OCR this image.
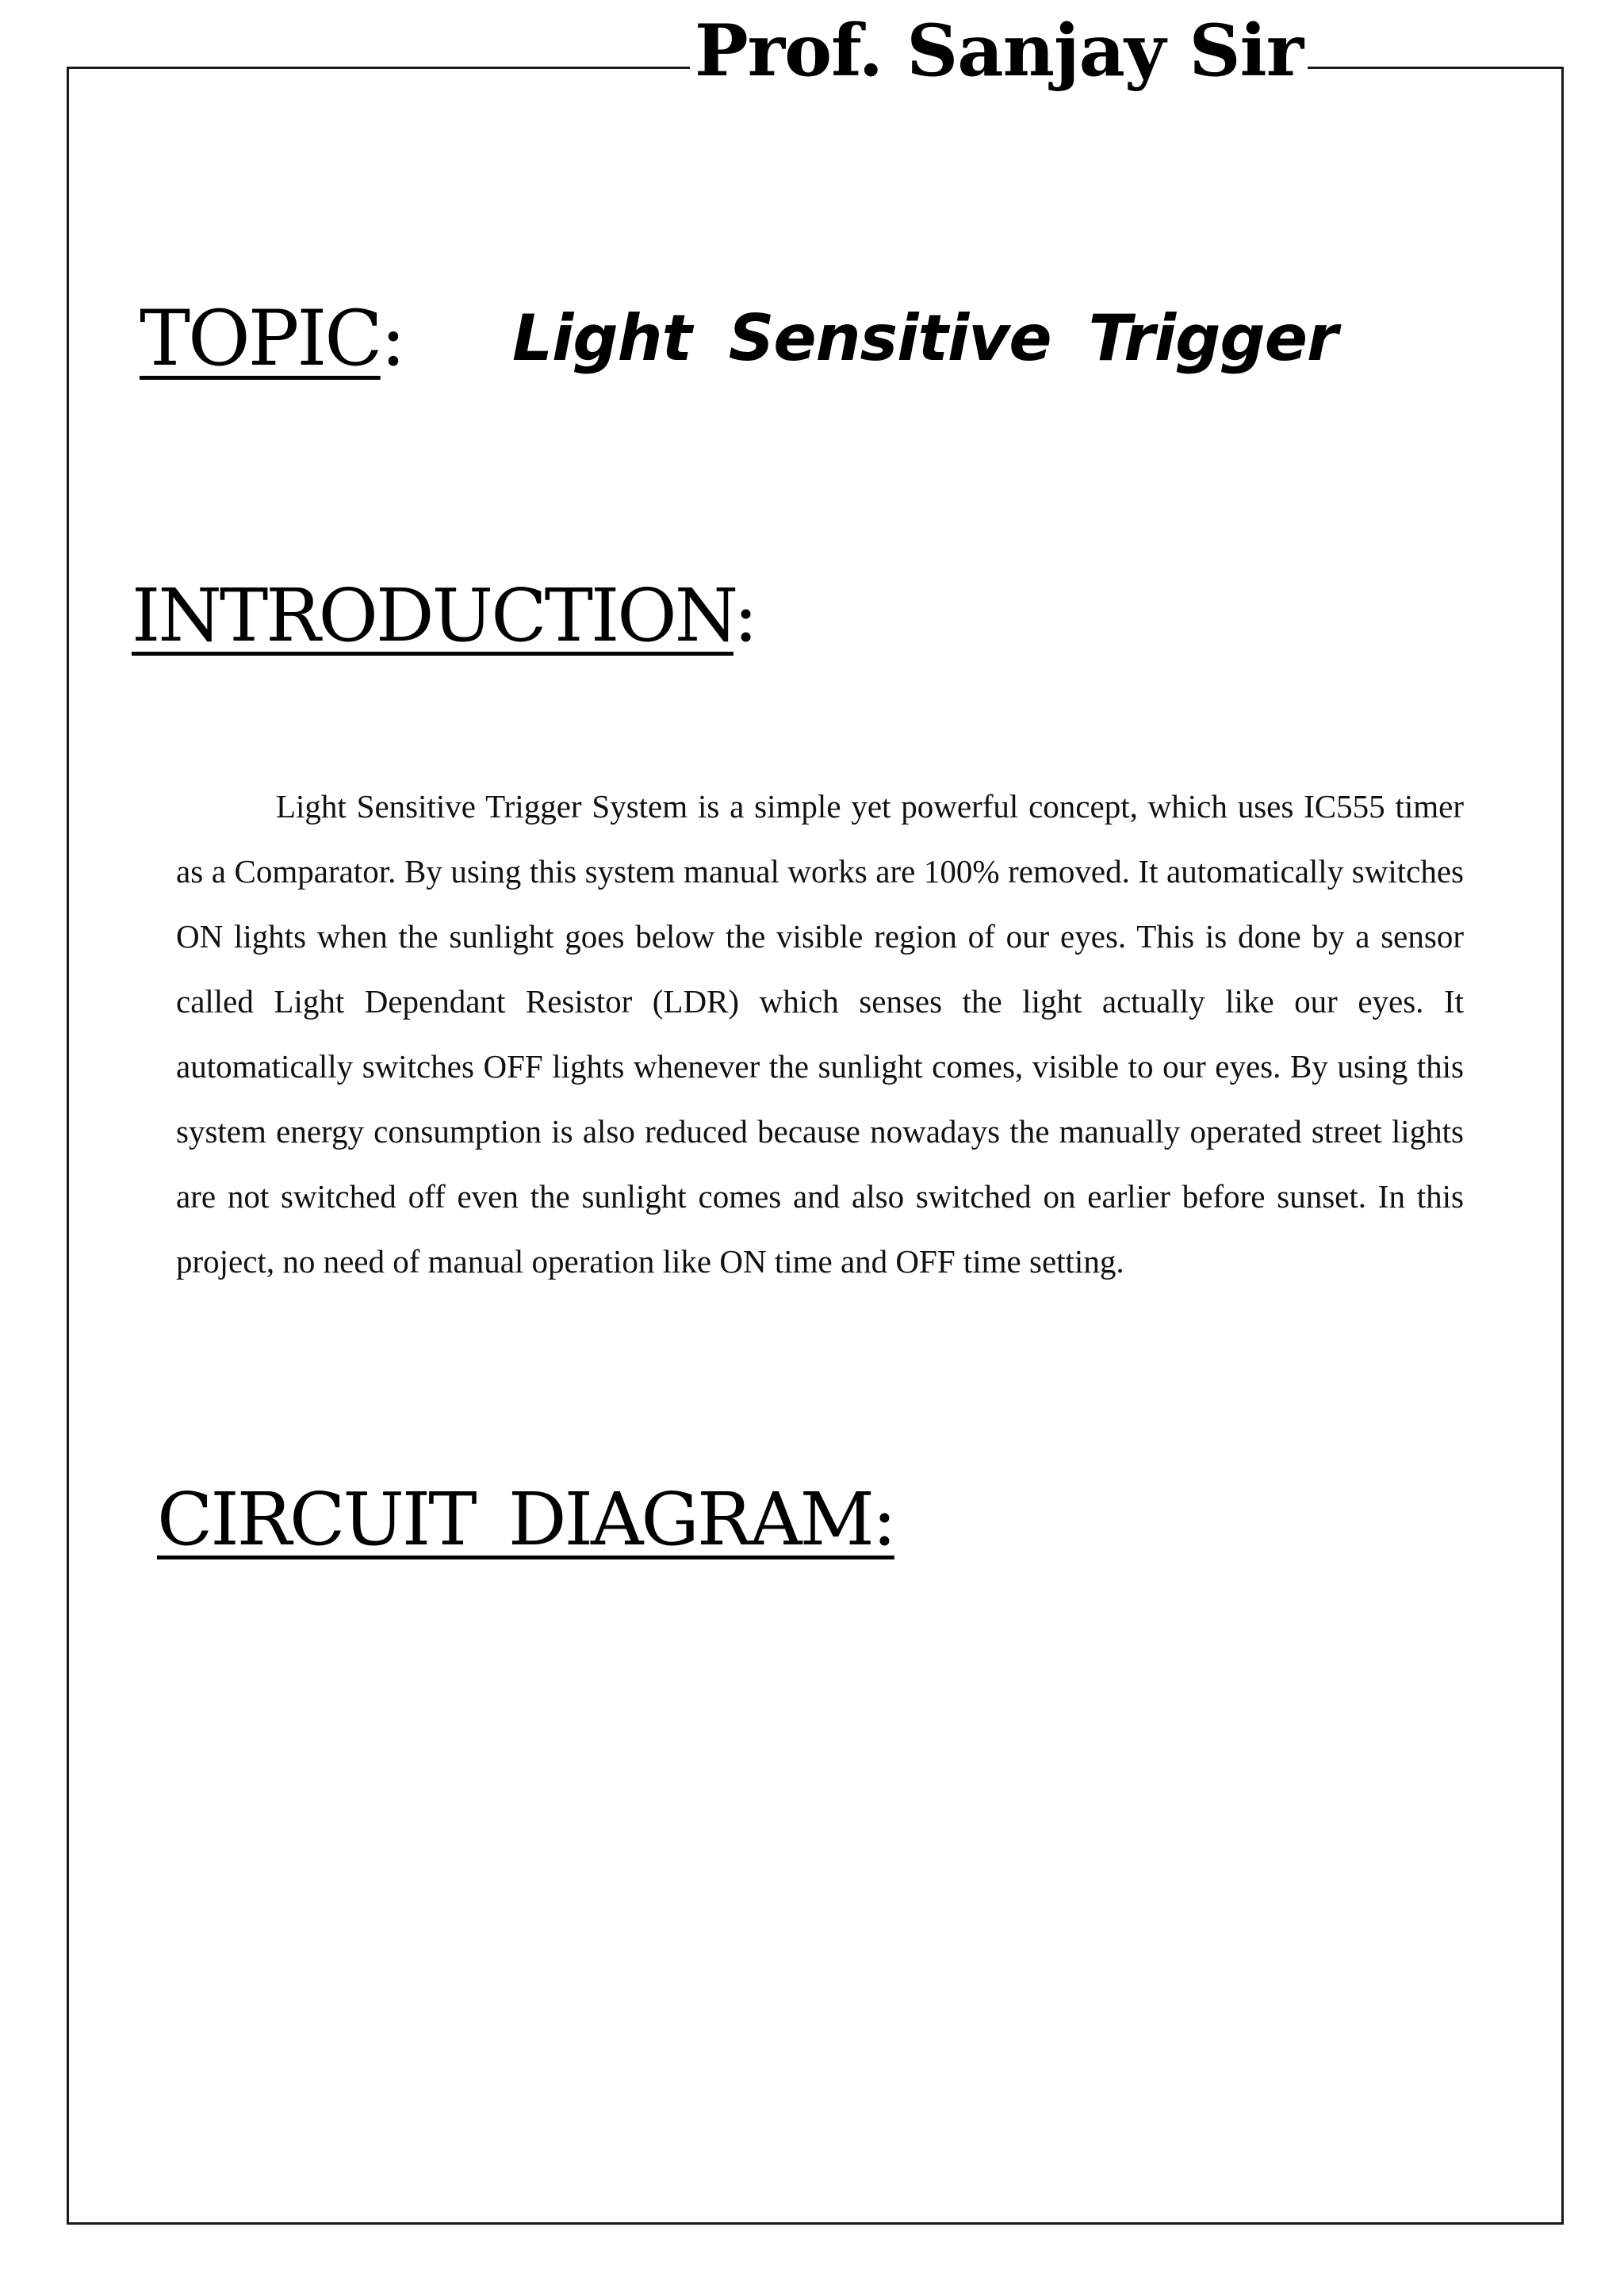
Prof. Sanjay Sir
TOPIC: Light Sensitive Trigger
INTRODUCTION:

Light Sensitive Trigger System is a simple yet powerful concept, which uses IC555 timer as a Comparator. By using this system manual works are 100% removed. It automatically switches ON lights when the sunlight goes below the visible region of our eyes. This is done by a sensor called Light Dependant Resistor (LDR) which senses the light actually like our eyes. It automatically switches OFF lights whenever the sunlight comes, visible to our eyes. By using this system energy consumption is also reduced because nowadays the manually operated street lights are not switched off even the sunlight comes and also switched on earlier before sunset. In this project, no need of manual operation like ON time and OFF time setting.

CIRCUIT DIAGRAM:
